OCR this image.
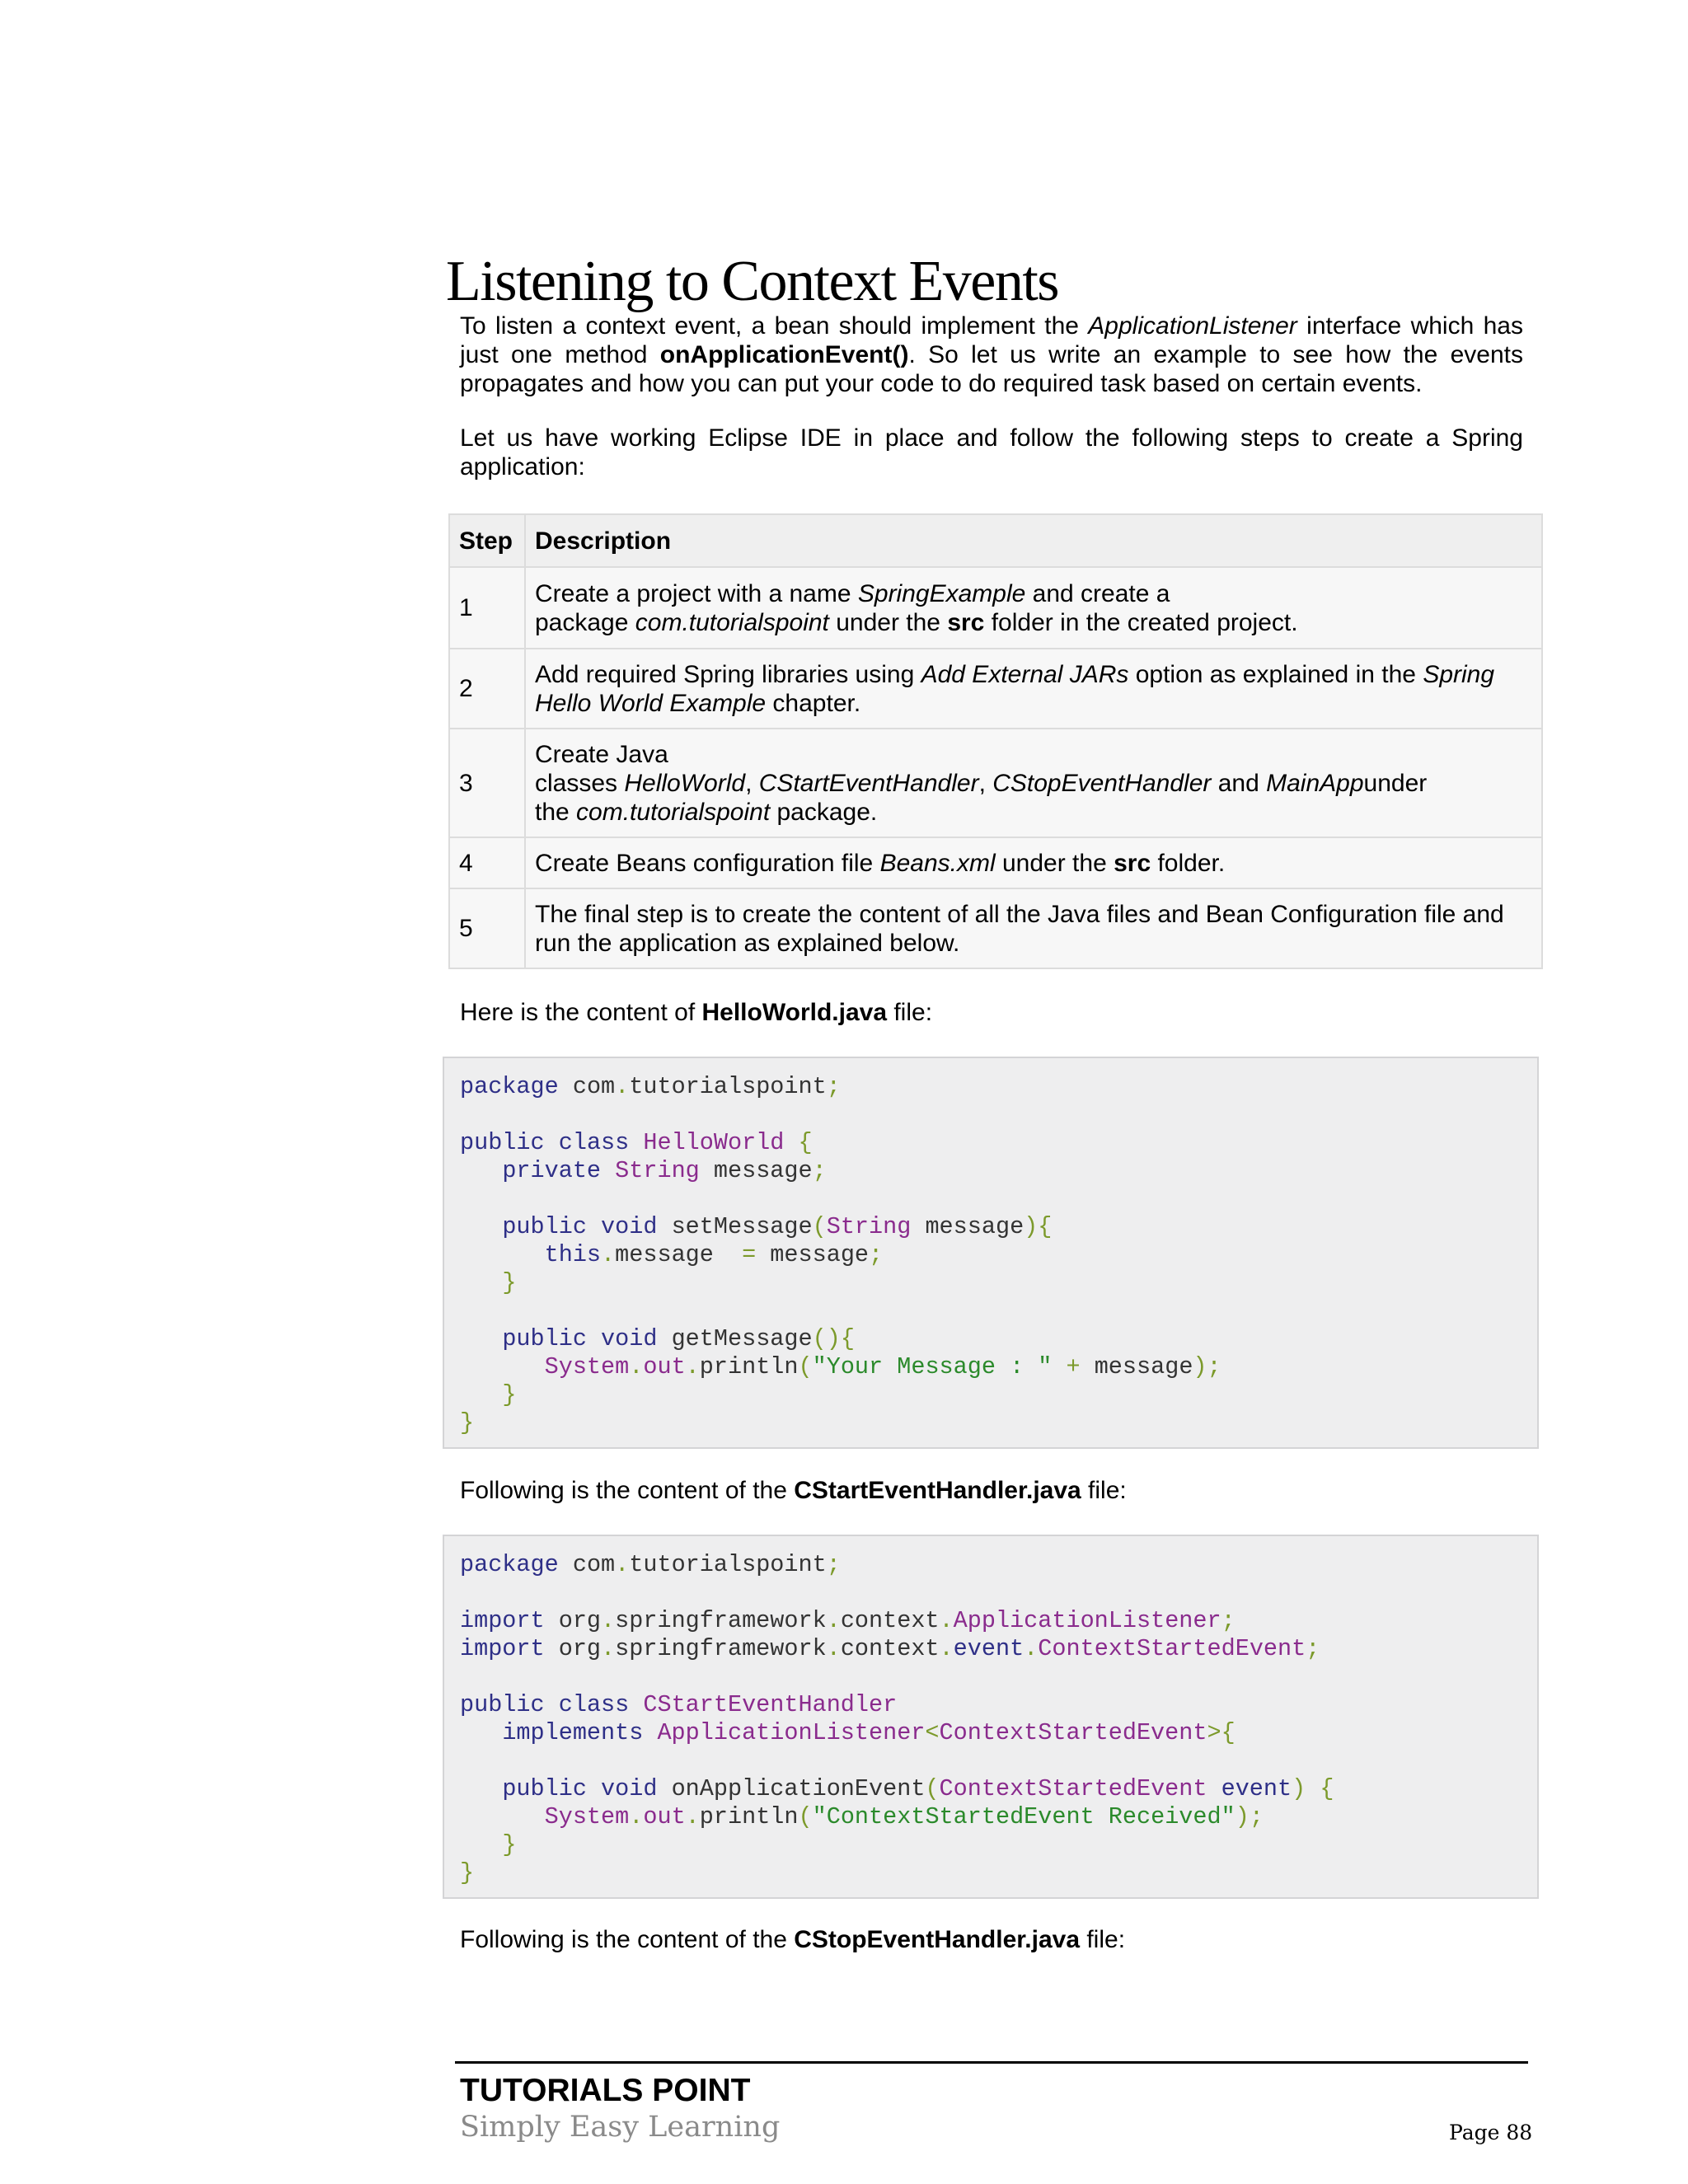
Listening to Context Events

To listen a context event, a bean should implement the ApplicationListener interface which has just one method onApplicationEvent(). So let us write an example to see how the events propagates and how you can put your code to do required task based on certain events.

Let us have working Eclipse IDE in place and follow the following steps to create a Spring application:

Step	Description
1	Create a project with a name SpringExample and create a
package com.tutorialspoint under the src folder in the created project.
2	Add required Spring libraries using Add External JARs option as explained in the Spring Hello World Example chapter.
3	Create Java
classes HelloWorld, CStartEventHandler, CStopEventHandler and MainAppunder
the com.tutorialspoint package.
4	Create Beans configuration file Beans.xml under the src folder.
5	The final step is to create the content of all the Java files and Bean Configuration file and run the application as explained below.

Here is the content of HelloWorld.java file:

package com.tutorialspoint;

public class HelloWorld {
private String message;

public void setMessage(String message){
this.message  = message;
}

public void getMessage(){
System.out.println("Your Message : " + message);
}
}

Following is the content of the CStartEventHandler.java file:

package com.tutorialspoint;

import org.springframework.context.ApplicationListener;
import org.springframework.context.event.ContextStartedEvent;

public class CStartEventHandler
implements ApplicationListener<ContextStartedEvent>{

public void onApplicationEvent(ContextStartedEvent event) {
System.out.println("ContextStartedEvent Received");
}
}

Following is the content of the CStopEventHandler.java file:

TUTORIALS POINT

Simply Easy Learning	Page 88
